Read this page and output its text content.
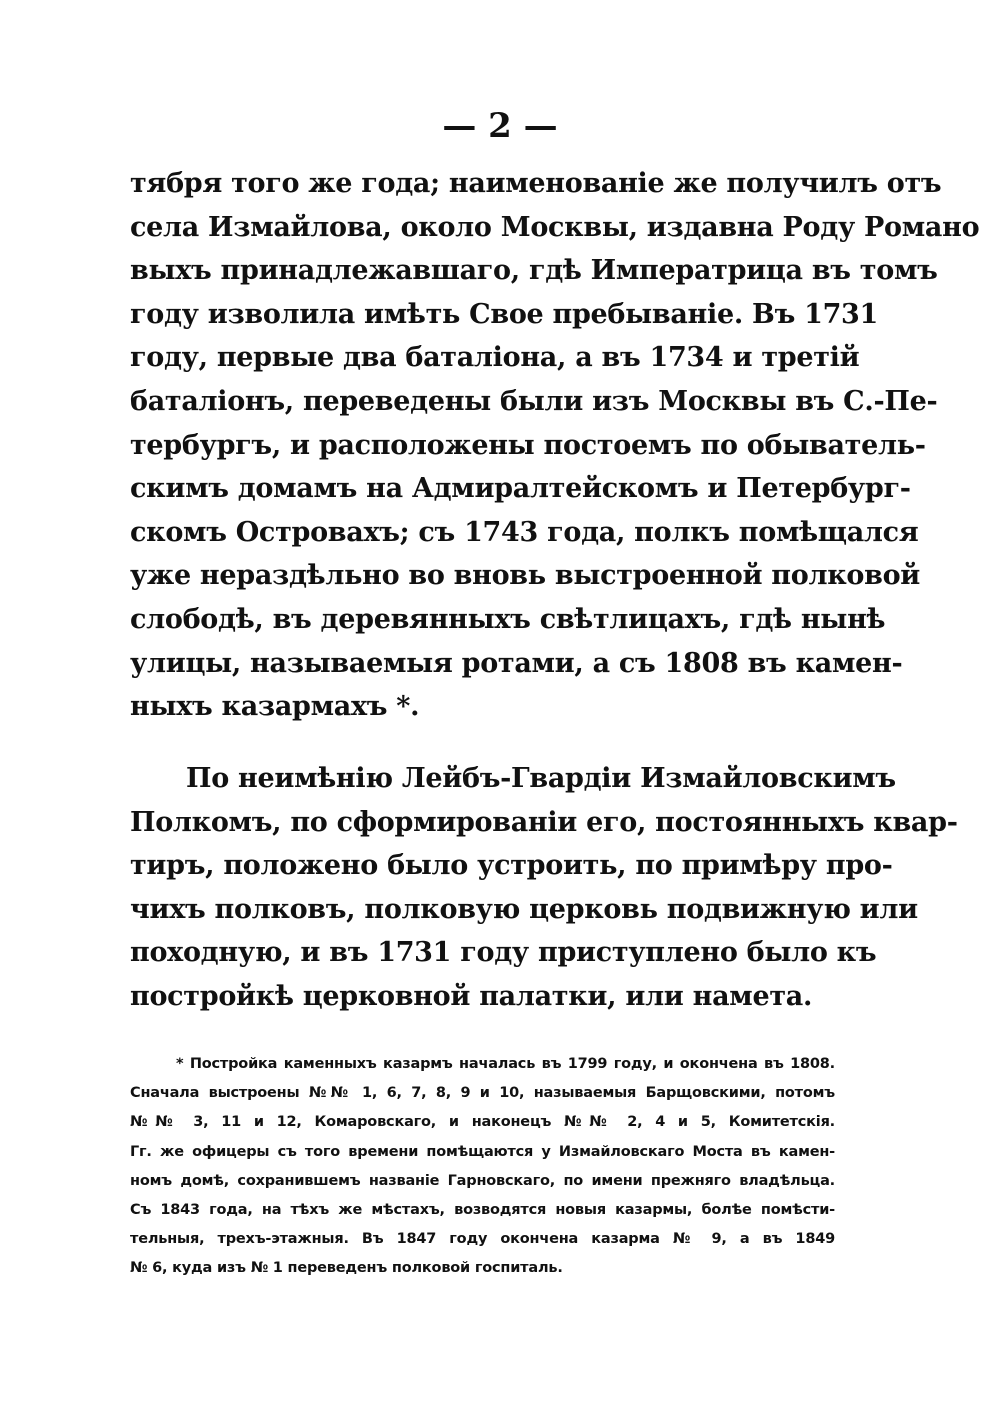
— 2 —
тября того же года; наименованіе же получилъ отъ
села Измайлова, около Москвы, издавна Роду Романо
выхъ принадлежавшаго, гдѣ Императрица въ томъ
году изволила имѣть Свое пребываніе. Въ 1731
году, первые два баталіона, а въ 1734 и третій
баталіонъ, переведены были изъ Москвы въ С.-Пе-
тербургъ, и расположены постоемъ по обыватель-
скимъ домамъ на Адмиралтейскомъ и Петербург-
скомъ Островахъ; съ 1743 года, полкъ помѣщался
уже нераздѣльно во вновь выстроенной полковой
слободѣ, въ деревянныхъ свѣтлицахъ, гдѣ нынѣ
улицы, называемыя ротами, а съ 1808 въ камен-
ныхъ казармахъ *.
По неимѣнію Лейбъ-Гвардіи Измайловскимъ
Полкомъ, по сформированіи его, постоянныхъ квар-
тиръ, положено было устроить, по примѣру про-
чихъ полковъ, полковую церковь подвижную или
походную, и въ 1731 году приступлено было къ
постройкѣ церковной палатки, или намета.
* Постройка каменныхъ казармъ началась въ 1799 году, и окончена въ 1808.
Сначала выстроены №№ 1, 6, 7, 8, 9 и 10, называемыя Барщовскими, потомъ
№№ 3, 11 и 12, Комаровскаго, и наконецъ №№ 2, 4 и 5, Комитетскія.
Гг. же офицеры съ того времени помѣщаются у Измайловскаго Моста въ камен-
номъ домѣ, сохранившемъ названіе Гарновскаго, по имени прежняго владѣльца.
Съ 1843 года, на тѣхъ же мѣстахъ, возводятся новыя казармы, болѣе помѣсти-
тельныя, трехъ-этажныя. Въ 1847 году окончена казарма № 9, а въ 1849
№ 6, куда изъ № 1 переведенъ полковой госпиталь.
